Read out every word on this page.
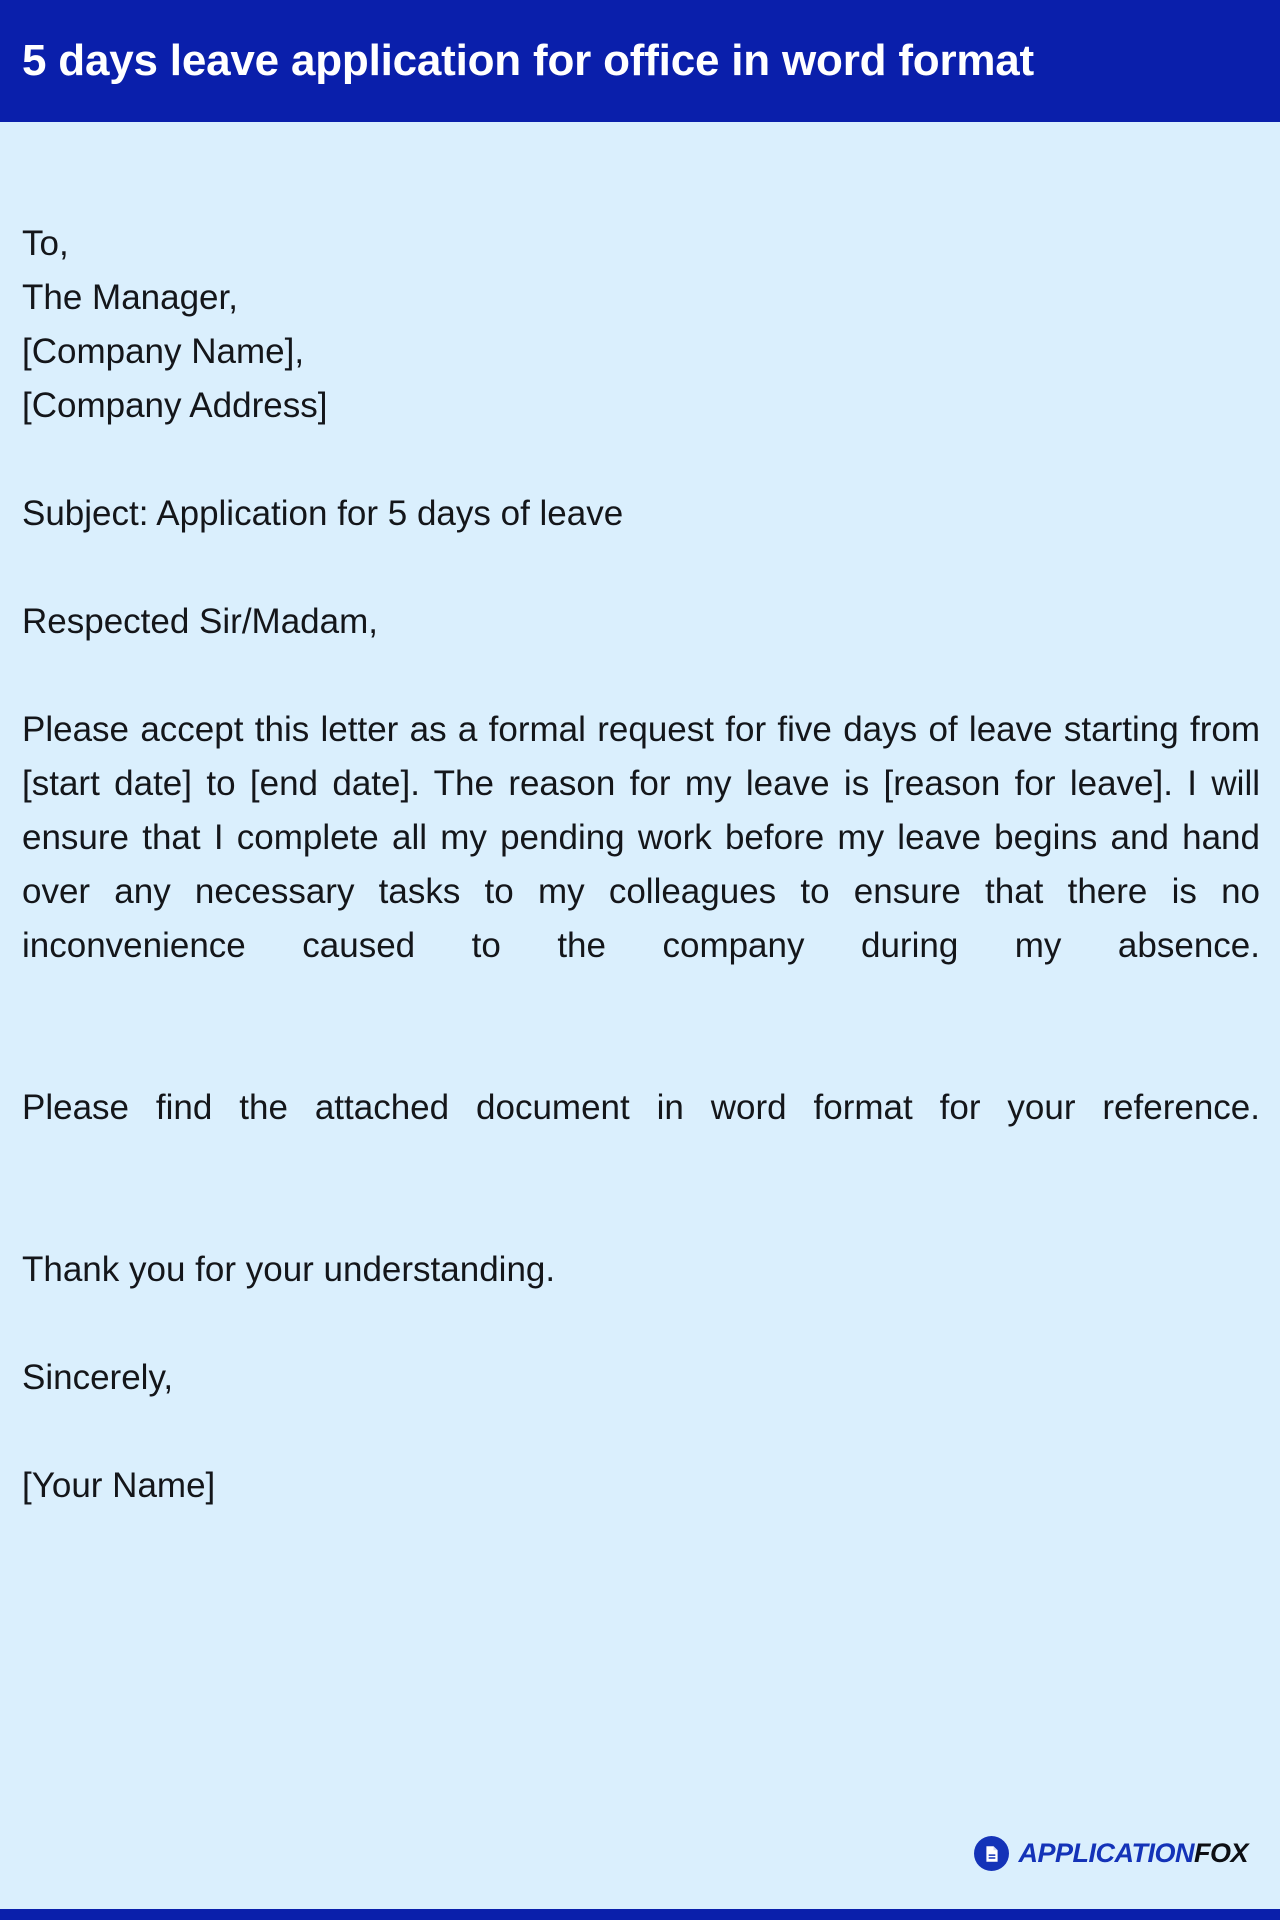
5 days leave application for office in word format
To,
The Manager,
[Company Name],
[Company Address]

Subject: Application for 5 days of leave

Respected Sir/Madam,

Please accept this letter as a formal request for five days of leave starting from [start date] to [end date]. The reason for my leave is [reason for leave]. I will ensure that I complete all my pending work before my leave begins and hand over any necessary tasks to my colleagues to ensure that there is no inconvenience caused to the company during my absence.

Please find the attached document in word format for your reference.

Thank you for your understanding.

Sincerely,

[Your Name]

APPLICATIONFOX
